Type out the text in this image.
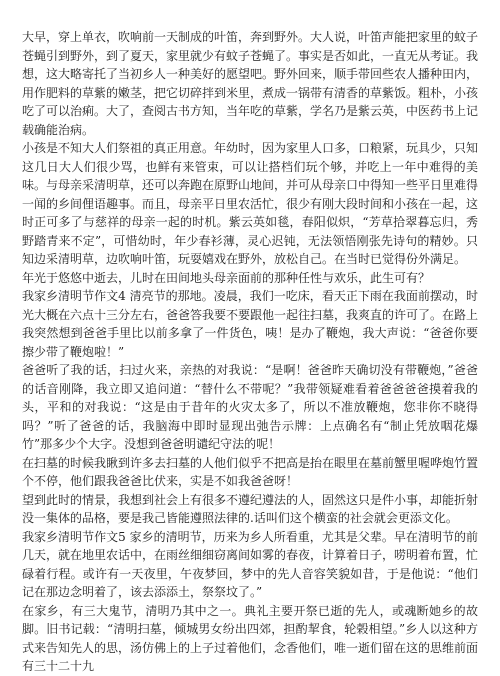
大早，穿上单衣，吹响前一天制成的叶笛，奔到野外。大人说，叶笛声能把家里的蚊子苍蝇引到野外，到了夏天，家里就少有蚊子苍蝇了。事实是否如此，一直无从考证。我想，这大略寄托了当初乡人一种美好的愿望吧。野外回来，顺手带回些农人播种田内，用作肥料的草紫的嫩茎，把它切碎拌到米里，煮成一锅带有清香的草紫饭。粗朴，小孩吃了可以治痢。大了，查阅古书方知，当年吃的草紫，学名乃是紫云英，中医药书上记载确能治病。

小孩是不知大人们祭祖的真正用意。年幼时，因为家里人口多，口粮紧，玩具少，只知这几日大人们很少骂，也鲜有来管束，可以让搭档们玩个够，并吃上一年中难得的美味。与母亲采清明草，还可以奔跑在原野山地间，并可从母亲口中得知一些平日里难得一闻的乡间俚语趣事。而且，母亲平日里农活忙，很少有刚大段时间和小孩在一起，这时正可多了与慈祥的母亲一起的时机。紫云英如毯，春阳似炽，“芳草拾翠暮忘归，秀野踏青来不定”，可惜幼时，年少春衫薄，灵心迟钝，无法领悟刚张先诗句的精妙。只知边采清明草，边吹响叶笛，玩耍嬉戏在野外，放松自己。在当时已觉得份外满足。

年光于悠悠中逝去，儿时在田间地头母亲面前的那种任性与欢乐，此生可有？

我家乡清明节作文4 清亮节的那地。凌晨，我们一吃床，看天正下雨在我面前摆动，时光大概在六点十三分左右，爸爸答我要不要跟他一起往扫墓，我爽直的许可了。在路上我突然想到爸爸手里比以前多拿了一件货色，咦！是办了鞭炮，我大声说：“爸爸你要擦少带了鞭炮啦！”

爸爸听了我的话，扫过火来，亲热的对我说：“是啊！爸爸昨天确切没有带鞭炮，”爸爸的话音刚降，我立即又追问道：“替什么不带呢？”我带领疑难看着爸爸爸爸摸着我的头，平和的对我说：“这是由于昔年的火灾太多了，所以不准放鞭炮，您非你不晓得吗？”听了爸爸的话，我脑海中即时显现出弛告示牌：上点确名有“制止凭放咽花爆竹”那多少个大字。没想到爸爸明谴纪守法的呢！

在扫墓的时候我瞅到许多去扫墓的人他们似乎不把高是抬在眼里在墓前蟹里喔哗炮竹置个不停，他们跟我爸爸比伏来，实是不如我爸爸呀！

望到此时的情景，我想到社会上有很多不遵纪遵法的人，固然这只是件小事，却能折射没一集体的品格，要是我己皆能遵照法律的.话叫们这个横蛮的社会就会更添文化。

我家乡清明节作文5 家乡的清明节，历来为乡人所看重，尤其是父辈。早在清明节的前几天，就在地里农话中，在雨丝细细窃离间如雾的春夜，计算着日子，唠明着布置，忙碌着行程。或许有一天夜里，午夜梦回，梦中的先人音容笑貌如昔，于是他说：“他们记在那边念明着了，该去添添土，祭祭坟了。”

在家乡，有三大鬼节，清明乃其中之一。典礼主要开祭已逝的先人，或魂断她乡的故脚。旧书记载：“清明扫墓，倾城男女纷出四郊，担酌挈食，轮榖相望。”乡人以这种方式来告知先人的思，汤仿佛上的上子过着他们，念香他们，唯一逝们留在这的思维前面有三十二十九
